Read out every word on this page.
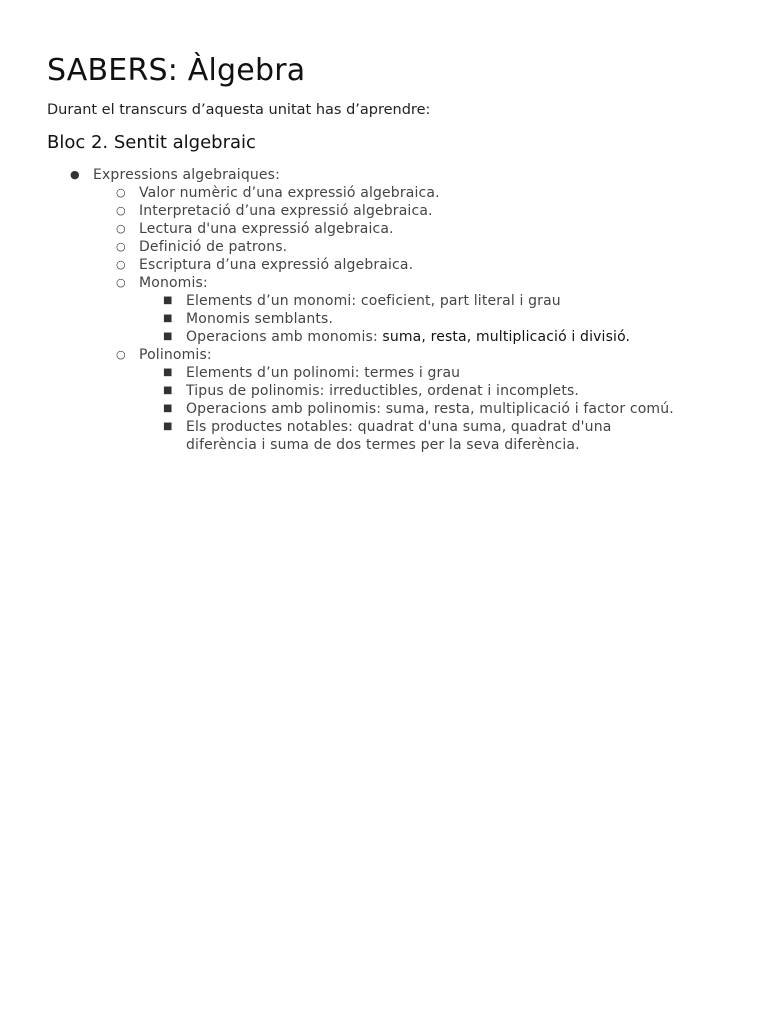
SABERS: Àlgebra

Durant el transcurs d’aquesta unitat has d’aprendre:

Bloc 2. Sentit algebraic
● Expressions algebraiques:
○ Valor numèric d’una expressió algebraica.
○ Interpretació d’una expressió algebraica.
○ Lectura d'una expressió algebraica.
○ Definició de patrons.
○ Escriptura d’una expressió algebraica.
○ Monomis:
■ Elements d’un monomi: coeficient, part literal i grau
■ Monomis semblants.
■ Operacions amb monomis: suma, resta, multiplicació i divisió.
○ Polinomis:
■ Elements d’un polinomi: termes i grau
■ Tipus de polinomis: irreductibles, ordenat i incomplets.
■ Operacions amb polinomis: suma, resta, multiplicació i factor comú.
■ Els productes notables: quadrat d'una suma, quadrat d'una
diferència i suma de dos termes per la seva diferència.
